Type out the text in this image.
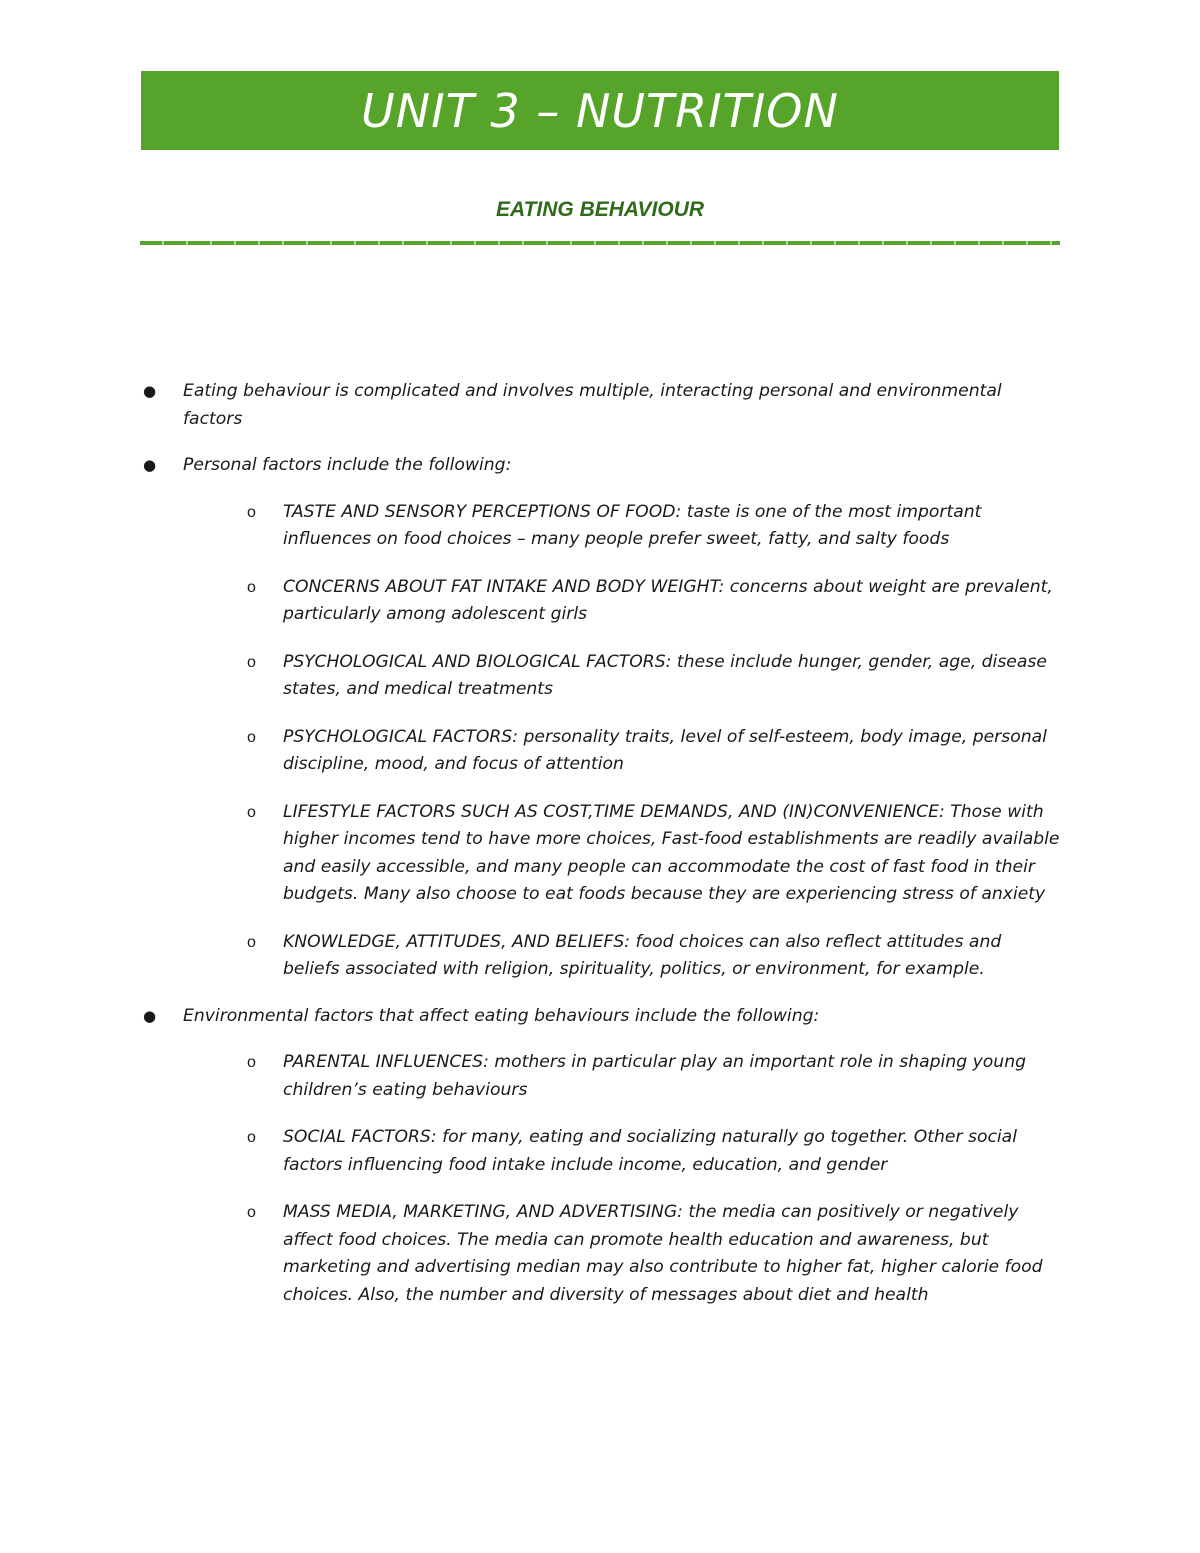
UNIT 3 – NUTRITION
EATING BEHAVIOUR
● Eating behaviour is complicated and involves multiple, interacting personal and environmental factors
● Personal factors include the following:
o TASTE AND SENSORY PERCEPTIONS OF FOOD: taste is one of the most important influences on food choices – many people prefer sweet, fatty, and salty foods
o CONCERNS ABOUT FAT INTAKE AND BODY WEIGHT: concerns about weight are prevalent, particularly among adolescent girls
o PSYCHOLOGICAL AND BIOLOGICAL FACTORS: these include hunger, gender, age, disease states, and medical treatments
o PSYCHOLOGICAL FACTORS: personality traits, level of self-esteem, body image, personal discipline, mood, and focus of attention
o LIFESTYLE FACTORS SUCH AS COST,TIME DEMANDS, AND (IN)CONVENIENCE: Those with higher incomes tend to have more choices, Fast-food establishments are readily available and easily accessible, and many people can accommodate the cost of fast food in their budgets. Many also choose to eat foods because they are experiencing stress of anxiety
o KNOWLEDGE, ATTITUDES, AND BELIEFS: food choices can also reflect attitudes and beliefs associated with religion, spirituality, politics, or environment, for example.
● Environmental factors that affect eating behaviours include the following:
o PARENTAL INFLUENCES: mothers in particular play an important role in shaping young children’s eating behaviours
o SOCIAL FACTORS: for many, eating and socializing naturally go together. Other social factors influencing food intake include income, education, and gender
o MASS MEDIA, MARKETING, AND ADVERTISING: the media can positively or negatively affect food choices. The media can promote health education and awareness, but marketing and advertising median may also contribute to higher fat, higher calorie food choices. Also, the number and diversity of messages about diet and health
